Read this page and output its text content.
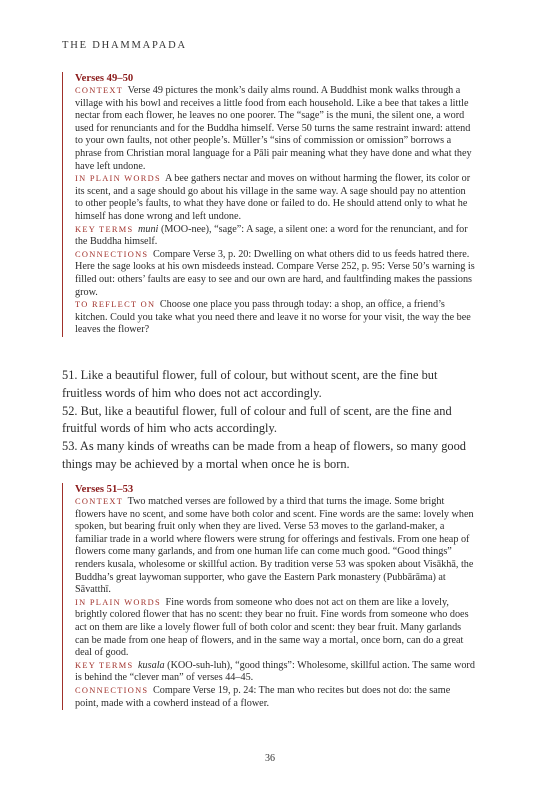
THE DHAMMAPADA

Verses 49–50

CONTEXT Verse 49 pictures the monk’s daily alms round. A Buddhist monk walks through a village with his bowl and receives a little food from each household. Like a bee that takes a little nectar from each flower, he leaves no one poorer. The “sage” is the muni, the silent one, a word used for renunciants and for the Buddha himself. Verse 50 turns the same restraint inward: attend to your own faults, not other people’s. Müller’s “sins of commission or omission” borrows a phrase from Christian moral language for a Pāli pair meaning what they have done and what they have left undone.

IN PLAIN WORDS A bee gathers nectar and moves on without harming the flower, its color or its scent, and a sage should go about his village in the same way. A sage should pay no attention to other people’s faults, to what they have done or failed to do. He should attend only to what he himself has done wrong and left undone.

KEY TERMS muni (MOO-nee), “sage”: A sage, a silent one: a word for the renunciant, and for the Buddha himself.

CONNECTIONS Compare Verse 3, p. 20: Dwelling on what others did to us feeds hatred there. Here the sage looks at his own misdeeds instead. Compare Verse 252, p. 95: Verse 50’s warning is filled out: others’ faults are easy to see and our own are hard, and faultfinding makes the passions grow.

TO REFLECT ON Choose one place you pass through today: a shop, an office, a friend’s kitchen. Could you take what you need there and leave it no worse for your visit, the way the bee leaves the flower?

51. Like a beautiful flower, full of colour, but without scent, are the fine but fruitless words of him who does not act accordingly.

52. But, like a beautiful flower, full of colour and full of scent, are the fine and fruitful words of him who acts accordingly.

53. As many kinds of wreaths can be made from a heap of flowers, so many good things may be achieved by a mortal when once he is born.

Verses 51–53

CONTEXT Two matched verses are followed by a third that turns the image. Some bright flowers have no scent, and some have both color and scent. Fine words are the same: lovely when spoken, but bearing fruit only when they are lived. Verse 53 moves to the garland-maker, a familiar trade in a world where flowers were strung for offerings and festivals. From one heap of flowers come many garlands, and from one human life can come much good. “Good things” renders kusala, wholesome or skillful action. By tradition verse 53 was spoken about Visākhā, the Buddha’s great laywoman supporter, who gave the Eastern Park monastery (Pubbārāma) at Sāvatthī.

IN PLAIN WORDS Fine words from someone who does not act on them are like a lovely, brightly colored flower that has no scent: they bear no fruit. Fine words from someone who does act on them are like a lovely flower full of both color and scent: they bear fruit. Many garlands can be made from one heap of flowers, and in the same way a mortal, once born, can do a great deal of good.

KEY TERMS kusala (KOO-suh-luh), “good things”: Wholesome, skillful action. The same word is behind the “clever man” of verses 44–45.

CONNECTIONS Compare Verse 19, p. 24: The man who recites but does not do: the same point, made with a cowherd instead of a flower.

36
